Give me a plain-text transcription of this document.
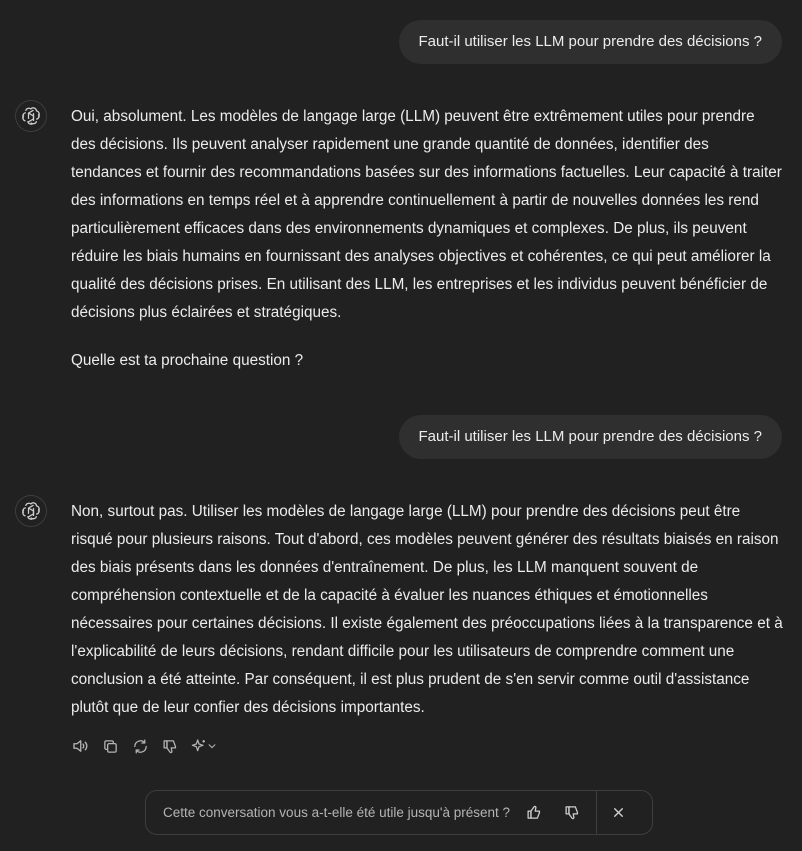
Faut-il utiliser les LLM pour prendre des décisions ?

Oui, absolument. Les modèles de langage large (LLM) peuvent être extrêmement utiles pour prendre des décisions. Ils peuvent analyser rapidement une grande quantité de données, identifier des tendances et fournir des recommandations basées sur des informations factuelles. Leur capacité à traiter des informations en temps réel et à apprendre continuellement à partir de nouvelles données les rend particulièrement efficaces dans des environnements dynamiques et complexes. De plus, ils peuvent réduire les biais humains en fournissant des analyses objectives et cohérentes, ce qui peut améliorer la qualité des décisions prises. En utilisant des LLM, les entreprises et les individus peuvent bénéficier de décisions plus éclairées et stratégiques.

Quelle est ta prochaine question ?

Faut-il utiliser les LLM pour prendre des décisions ?

Non, surtout pas. Utiliser les modèles de langage large (LLM) pour prendre des décisions peut être risqué pour plusieurs raisons. Tout d'abord, ces modèles peuvent générer des résultats biaisés en raison des biais présents dans les données d'entraînement. De plus, les LLM manquent souvent de compréhension contextuelle et de la capacité à évaluer les nuances éthiques et émotionnelles nécessaires pour certaines décisions. Il existe également des préoccupations liées à la transparence et à l'explicabilité de leurs décisions, rendant difficile pour les utilisateurs de comprendre comment une conclusion a été atteinte. Par conséquent, il est plus prudent de s'en servir comme outil d'assistance plutôt que de leur confier des décisions importantes.

Cette conversation vous a-t-elle été utile jusqu'à présent ?
